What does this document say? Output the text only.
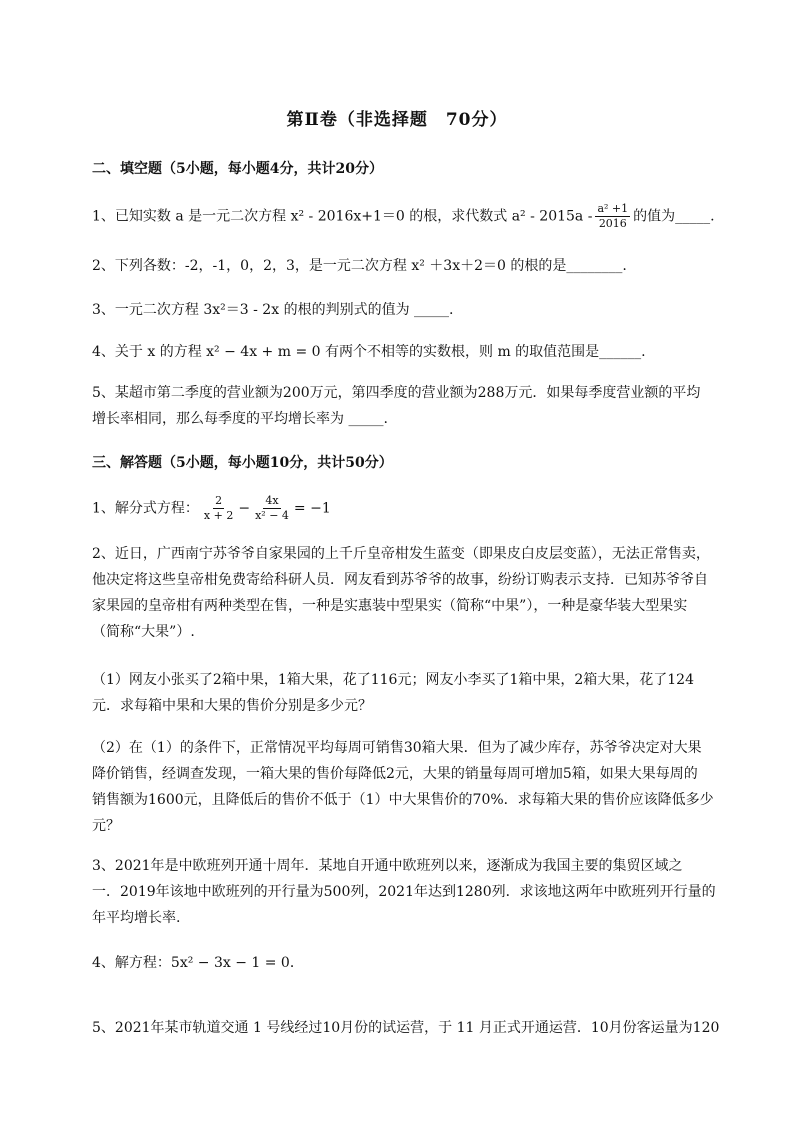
第Ⅱ卷（非选择题　70分）
二、填空题（5小题，每小题4分，共计20分）
1、已知实数 a 是一元二次方程 x² - 2016x+1＝0 的根，求代数式 $a^2 - 2015a - \frac{\text{a² +1}}{2016}$ 的值为_____.
2、下列各数：-2，-1，0，2，3，是一元二次方程 x² ＋3x＋2＝0 的根的是________.
3、一元二次方程 3x²＝3 - 2x 的根的判别式的值为 _____.
4、关于 x 的方程 x² − 4x + m = 0 有两个不相等的实数根，则 m 的取值范围是______.
5、某超市第二季度的营业额为200万元，第四季度的营业额为288万元．如果每季度营业额的平均
增长率相同，那么每季度的平均增长率为 _____.
三、解答题（5小题，每小题10分，共计50分）
1、解分式方程： $\frac{2}{x + 2} - \frac{4x}{\text{x² − 4}} = -1$
2、近日，广西南宁苏爷爷自家果园的上千斤皇帝柑发生蓝变（即果皮白皮层变蓝），无法正常售卖，
他决定将这些皇帝柑免费寄给科研人员．网友看到苏爷爷的故事，纷纷订购表示支持．已知苏爷爷自
家果园的皇帝柑有两种类型在售，一种是实惠装中型果实（简称“中果”），一种是豪华装大型果实
（简称“大果”）.
（1）网友小张买了2箱中果，1箱大果，花了116元；网友小李买了1箱中果，2箱大果，花了124
元．求每箱中果和大果的售价分别是多少元？
（2）在（1）的条件下，正常情况平均每周可销售30箱大果．但为了减少库存，苏爷爷决定对大果
降价销售，经调查发现，一箱大果的售价每降低2元，大果的销量每周可增加5箱，如果大果每周的
销售额为1600元，且降低后的售价不低于（1）中大果售价的70%．求每箱大果的售价应该降低多少
元？
3、2021年是中欧班列开通十周年．某地自开通中欧班列以来，逐渐成为我国主要的集贸区域之
一．2019年该地中欧班列的开行量为500列，2021年达到1280列．求该地这两年中欧班列开行量的
年平均增长率.
4、解方程：5x² − 3x − 1 = 0．
5、2021年某市轨道交通 1 号线经过10月份的试运营，于 11 月正式开通运营．10月份客运量为120
